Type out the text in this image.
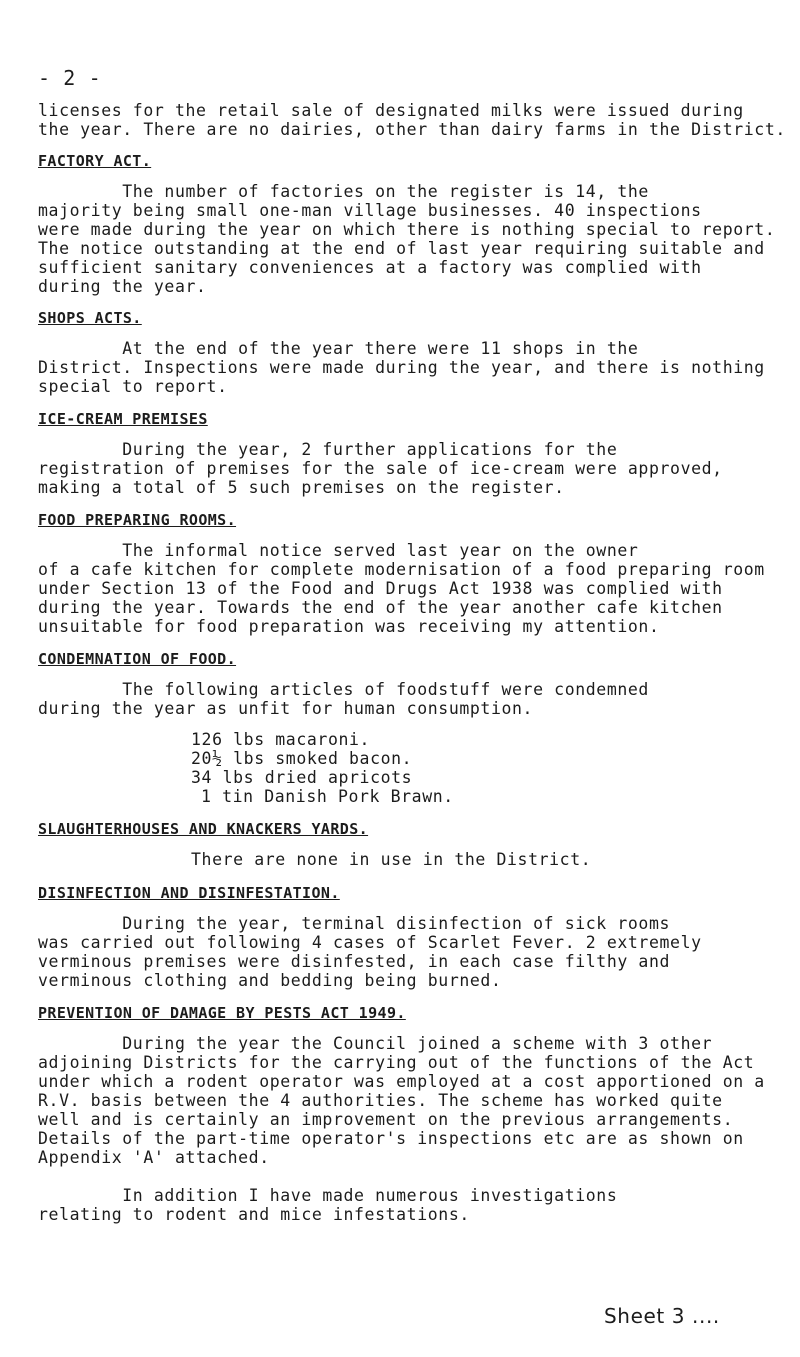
- 2 -
licenses for the retail sale of designated milks were issued during
the year. There are no dairies, other than dairy farms in the District.
FACTORY ACT.
The number of factories on the register is 14, the
majority being small one-man village businesses. 40 inspections
were made during the year on which there is nothing special to report.
The notice outstanding at the end of last year requiring suitable and
sufficient sanitary conveniences at a factory was complied with
during the year.
SHOPS ACTS.
At the end of the year there were 11 shops in the
District. Inspections were made during the year, and there is nothing
special to report.
ICE-CREAM PREMISES
During the year, 2 further applications for the
registration of premises for the sale of ice-cream were approved,
making a total of 5 such premises on the register.
FOOD PREPARING ROOMS.
The informal notice served last year on the owner
of a cafe kitchen for complete modernisation of a food preparing room
under Section 13 of the Food and Drugs Act 1938 was complied with
during the year. Towards the end of the year another cafe kitchen
unsuitable for food preparation was receiving my attention.
CONDEMNATION OF FOOD.
The following articles of foodstuff were condemned
during the year as unfit for human consumption.
126 lbs macaroni.
20½ lbs smoked bacon.
34 lbs dried apricots
1 tin Danish Pork Brawn.
SLAUGHTERHOUSES AND KNACKERS YARDS.
There are none in use in the District.
DISINFECTION AND DISINFESTATION.
During the year, terminal disinfection of sick rooms
was carried out following 4 cases of Scarlet Fever. 2 extremely
verminous premises were disinfested, in each case filthy and
verminous clothing and bedding being burned.
PREVENTION OF DAMAGE BY PESTS ACT 1949.
During the year the Council joined a scheme with 3 other
adjoining Districts for the carrying out of the functions of the Act
under which a rodent operator was employed at a cost apportioned on a
R.V. basis between the 4 authorities. The scheme has worked quite
well and is certainly an improvement on the previous arrangements.
Details of the part-time operator's inspections etc are as shown on
Appendix 'A' attached.
In addition I have made numerous investigations
relating to rodent and mice infestations.
Sheet 3 ....
